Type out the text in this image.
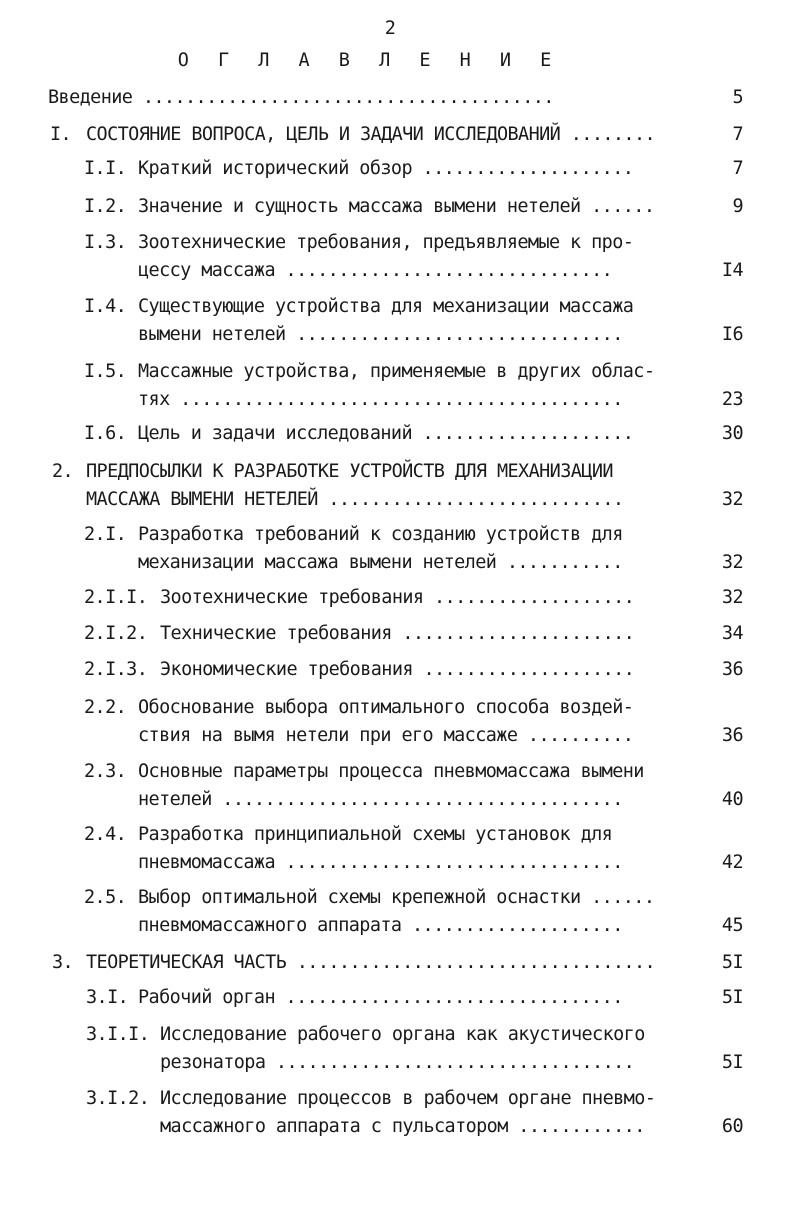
2
О Г Л А В Л Е Н И Е
Введение .......................................	5
I. СОСТОЯНИЕ ВОПРОСА, ЦЕЛЬ И ЗАДАЧИ ИССЛЕДОВАНИЙ ........	7
I.I. Краткий исторический обзор ....................	7
I.2. Значение и сущность массажа вымени нетелей ......	9
I.3. Зоотехнические требования, предъявляемые к про-
цессу массажа ...............................	I4
I.4. Существующие устройства для механизации массажа
вымени нетелей ...............................	I6
I.5. Массажные устройства, применяемые в других облас-
тях ..........................................	23
I.6. Цель и задачи исследований ....................	30
2. ПРЕДПОСЫЛКИ К РАЗРАБОТКЕ УСТРОЙСТВ ДЛЯ МЕХАНИЗАЦИИ
МАССАЖА ВЫМЕНИ НЕТЕЛЕЙ ............................	32
2.I. Разработка требований к созданию устройств для
механизации массажа вымени нетелей ...........	32
2.I.I. Зоотехнические требования ...................	32
2.I.2. Технические требования ......................	34
2.I.3. Экономические требования ....................	36
2.2. Обоснование выбора оптимального способа воздей-
ствия на вымя нетели при его массаже ..........	36
2.3. Основные параметры процесса пневмомассажа вымени
нетелей ......................................	40
2.4. Разработка принципиальной схемы установок для
пневмомассажа ................................	42
2.5. Выбор оптимальной схемы крепежной оснастки ......
пневмомассажного аппарата ....................	45
3. ТЕОРЕТИЧЕСКАЯ ЧАСТЬ ..................................	5I
3.I. Рабочий орган ................................	5I
3.I.I. Исследование рабочего органа как акустического
резонатора ..................................	5I
3.I.2. Исследование процессов в рабочем органе пневмо-
массажного аппарата с пульсатором ............	60
